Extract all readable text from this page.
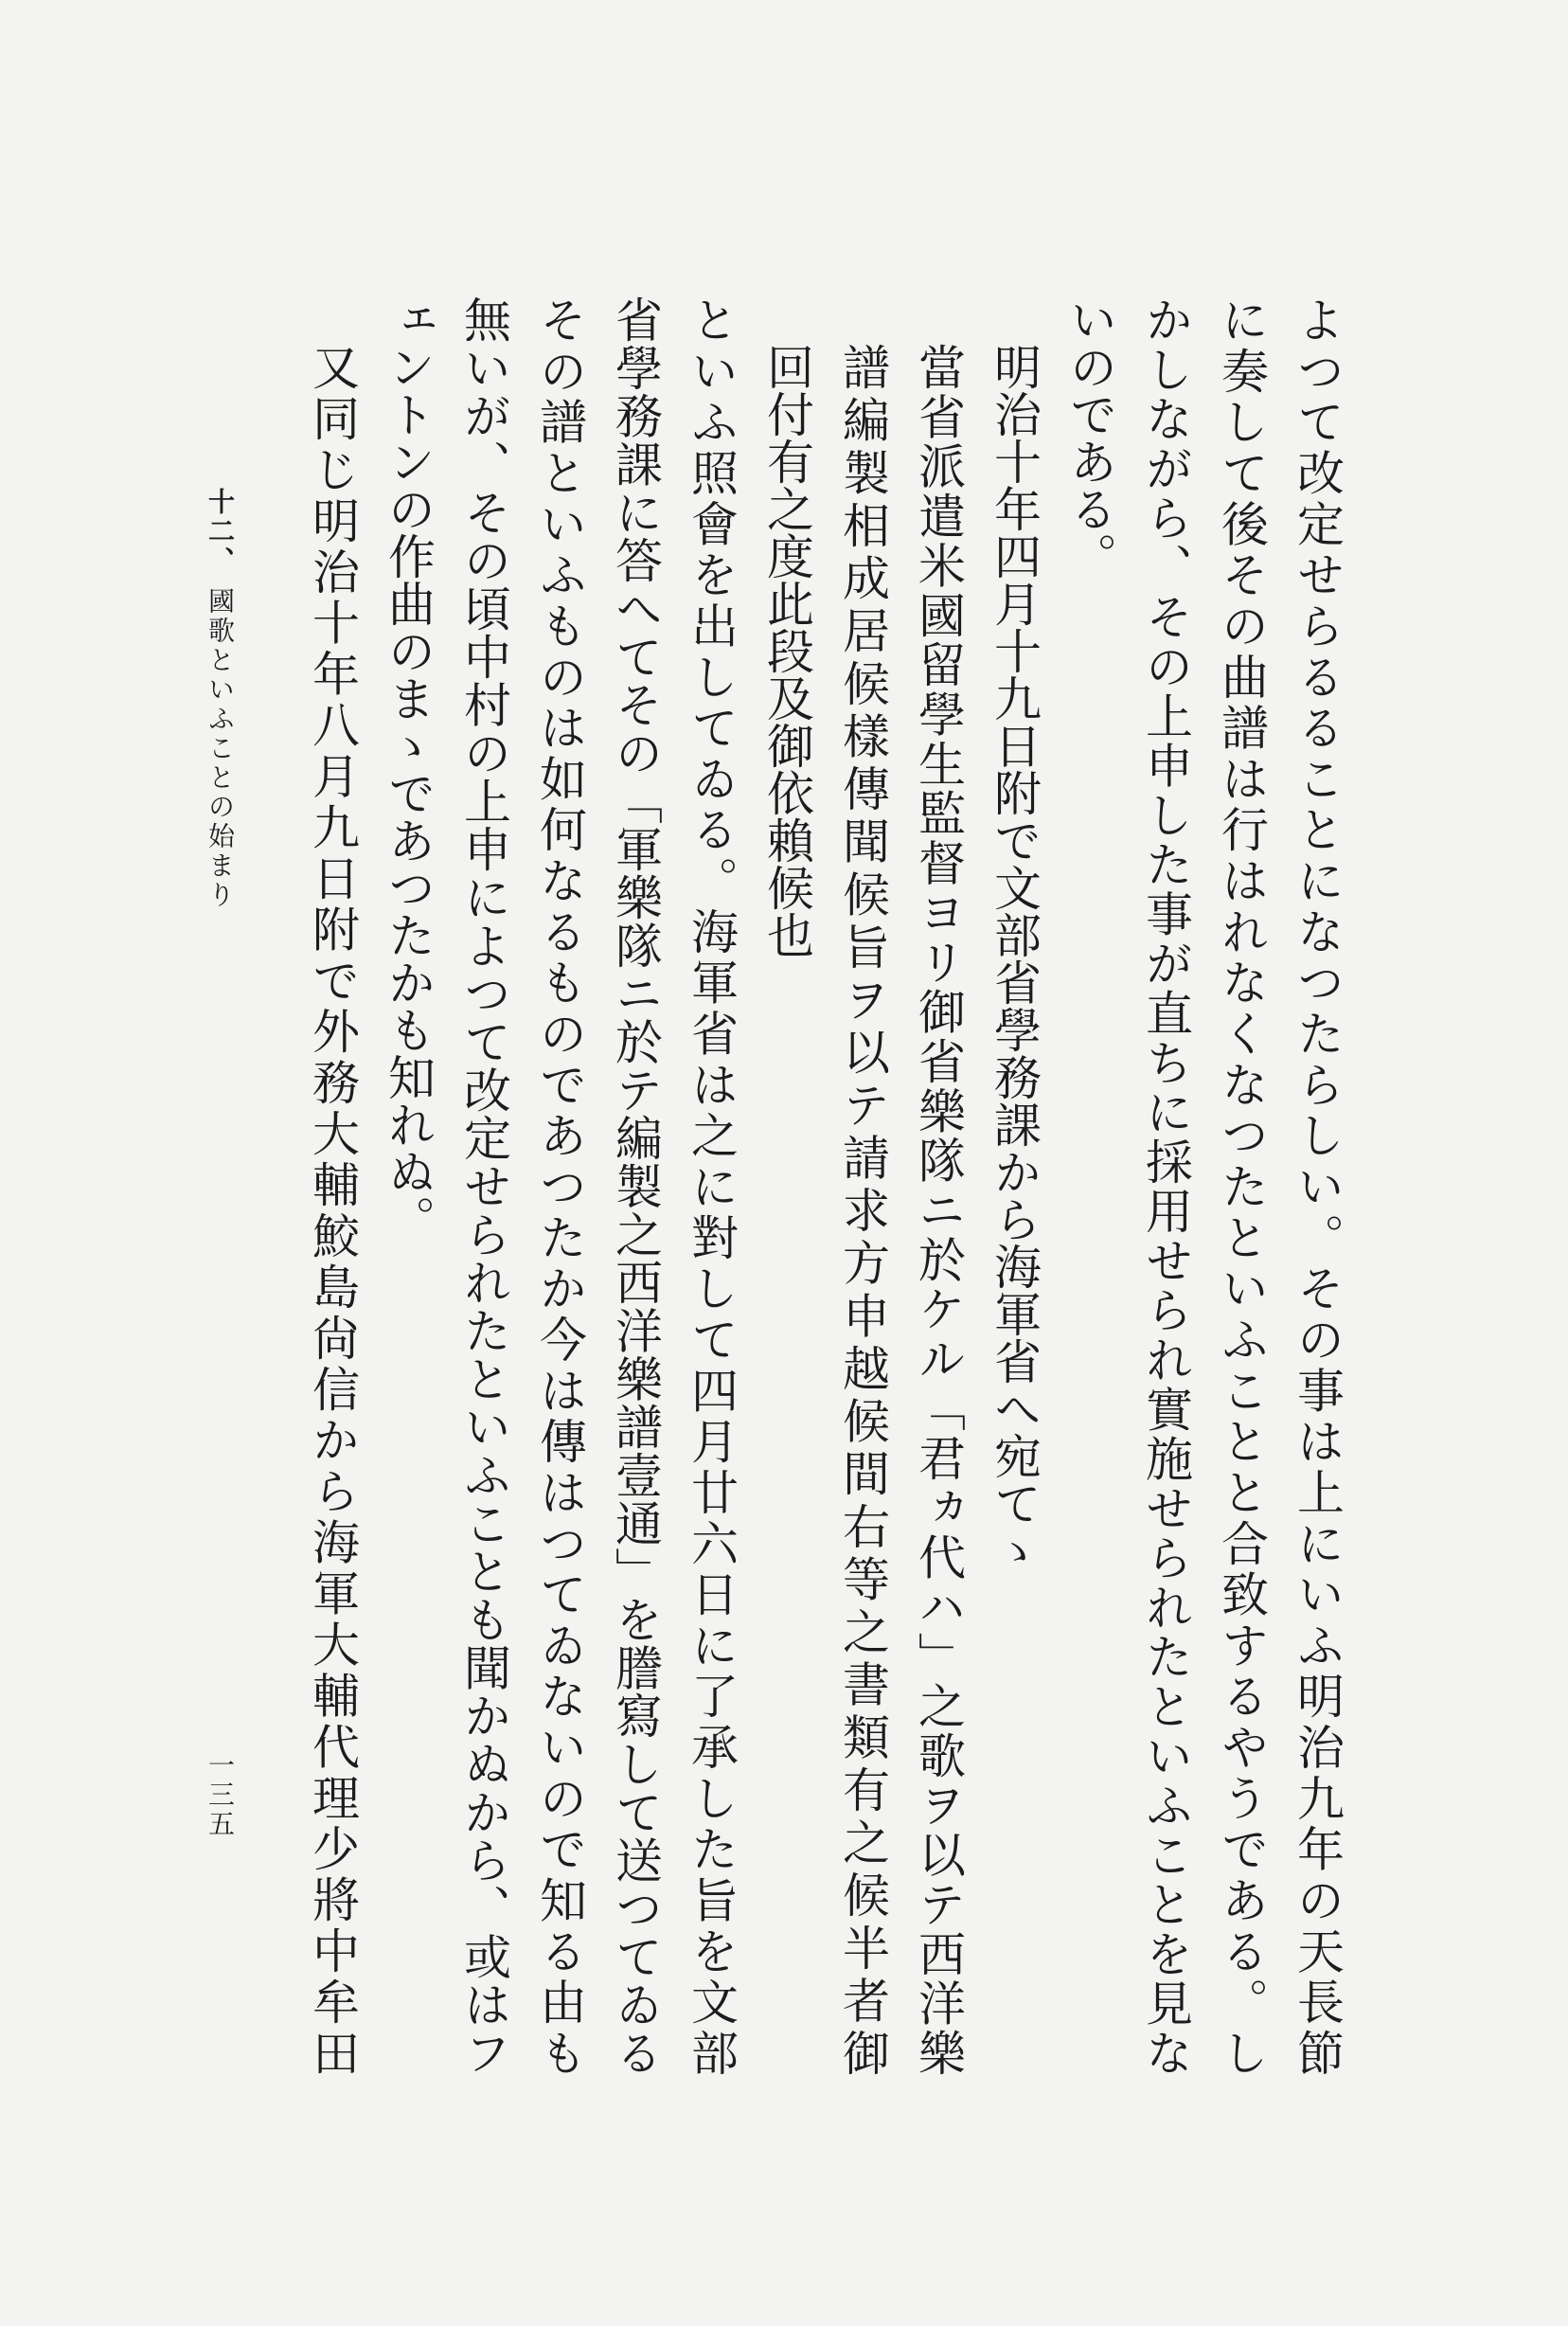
よつて改定せらるることになつたらしい。その事は上にいふ明治九年の天長節
に奏して後その曲譜は行はれなくなつたといふことと合致するやうである。し
かしながら、その上申した事が直ちに採用せられ實施せられたといふことを見な
いのである。
明治十年四月十九日附で文部省學務課から海軍省へ宛てゝ
當省派遣米國留學生監督ヨリ御省樂隊ニ於ケル「君ヵ代ハ」之歌ヲ以テ西洋樂
譜編製相成居候樣傳聞候旨ヲ以テ請求方申越候間右等之書類有之候半者御
回付有之度此段及御依賴候也
といふ照會を出してゐる。海軍省は之に對して四月廿六日に了承した旨を文部
省學務課に答へてその「軍樂隊ニ於テ編製之西洋樂譜壹通」を謄寫して送つてゐる
その譜といふものは如何なるものであつたか今は傳はつてゐないので知る由も
無いが、その頃中村の上申によつて改定せられたといふことも聞かぬから、或はフ
ェントンの作曲のまゝであつたかも知れぬ。
又同じ明治十年八月九日附で外務大輔鮫島尙信から海軍大輔代理少將中牟田
十二、國歌といふことの始まり
一三五
